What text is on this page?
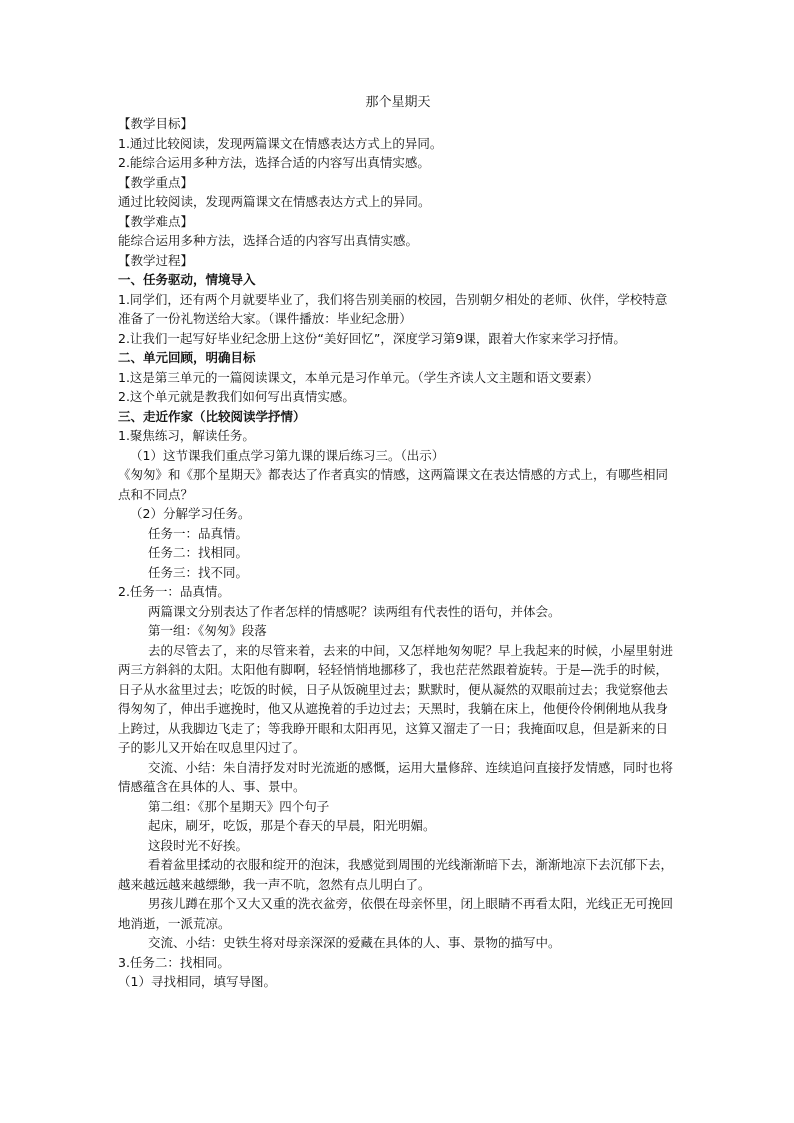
那个星期天
【教学目标】
1.通过比较阅读，发现两篇课文在情感表达方式上的异同。
2.能综合运用多种方法，选择合适的内容写出真情实感。
【教学重点】
通过比较阅读，发现两篇课文在情感表达方式上的异同。
【教学难点】
能综合运用多种方法，选择合适的内容写出真情实感。
【教学过程】
一、任务驱动，情境导入
1.同学们，还有两个月就要毕业了，我们将告别美丽的校园，告别朝夕相处的老师、伙伴，学校特意准备了一份礼物送给大家。（课件播放：毕业纪念册）
2.让我们一起写好毕业纪念册上这份“美好回忆”，深度学习第9课，跟着大作家来学习抒情。
二、单元回顾，明确目标
1.这是第三单元的一篇阅读课文，本单元是习作单元。（学生齐读人文主题和语文要素）
2.这个单元就是教我们如何写出真情实感。
三、走近作家（比较阅读学抒情）
1.聚焦练习，解读任务。
（1）这节课我们重点学习第九课的课后练习三。（出示）
《匆匆》和《那个星期天》都表达了作者真实的情感，这两篇课文在表达情感的方式上，有哪些相同点和不同点？
（2）分解学习任务。
任务一：品真情。
任务二：找相同。
任务三：找不同。
2.任务一：品真情。
两篇课文分别表达了作者怎样的情感呢？读两组有代表性的语句，并体会。
第一组：《匆匆》段落
去的尽管去了，来的尽管来着，去来的中间，又怎样地匆匆呢？早上我起来的时候，小屋里射进两三方斜斜的太阳。太阳他有脚啊，轻轻悄悄地挪移了，我也茫茫然跟着旋转。于是—洗手的时候，日子从水盆里过去；吃饭的时候，日子从饭碗里过去；默默时，便从凝然的双眼前过去；我觉察他去得匆匆了，伸出手遮挽时，他又从遮挽着的手边过去；天黑时，我躺在床上，他便伶伶俐俐地从我身上跨过，从我脚边飞走了；等我睁开眼和太阳再见，这算又溜走了一日；我掩面叹息，但是新来的日子的影儿又开始在叹息里闪过了。
交流、小结：朱自清抒发对时光流逝的感慨，运用大量修辞、连续追问直接抒发情感，同时也将情感蕴含在具体的人、事、景中。
第二组：《那个星期天》四个句子
起床，刷牙，吃饭，那是个春天的早晨，阳光明媚。
这段时光不好挨。
看着盆里揉动的衣服和绽开的泡沫，我感觉到周围的光线渐渐暗下去，渐渐地凉下去沉郁下去，越来越远越来越缥缈，我一声不吭，忽然有点儿明白了。
男孩儿蹲在那个又大又重的洗衣盆旁，依偎在母亲怀里，闭上眼睛不再看太阳，光线正无可挽回地消逝，一派荒凉。
交流、小结：史铁生将对母亲深深的爱藏在具体的人、事、景物的描写中。
3.任务二：找相同。
（1）寻找相同，填写导图。
